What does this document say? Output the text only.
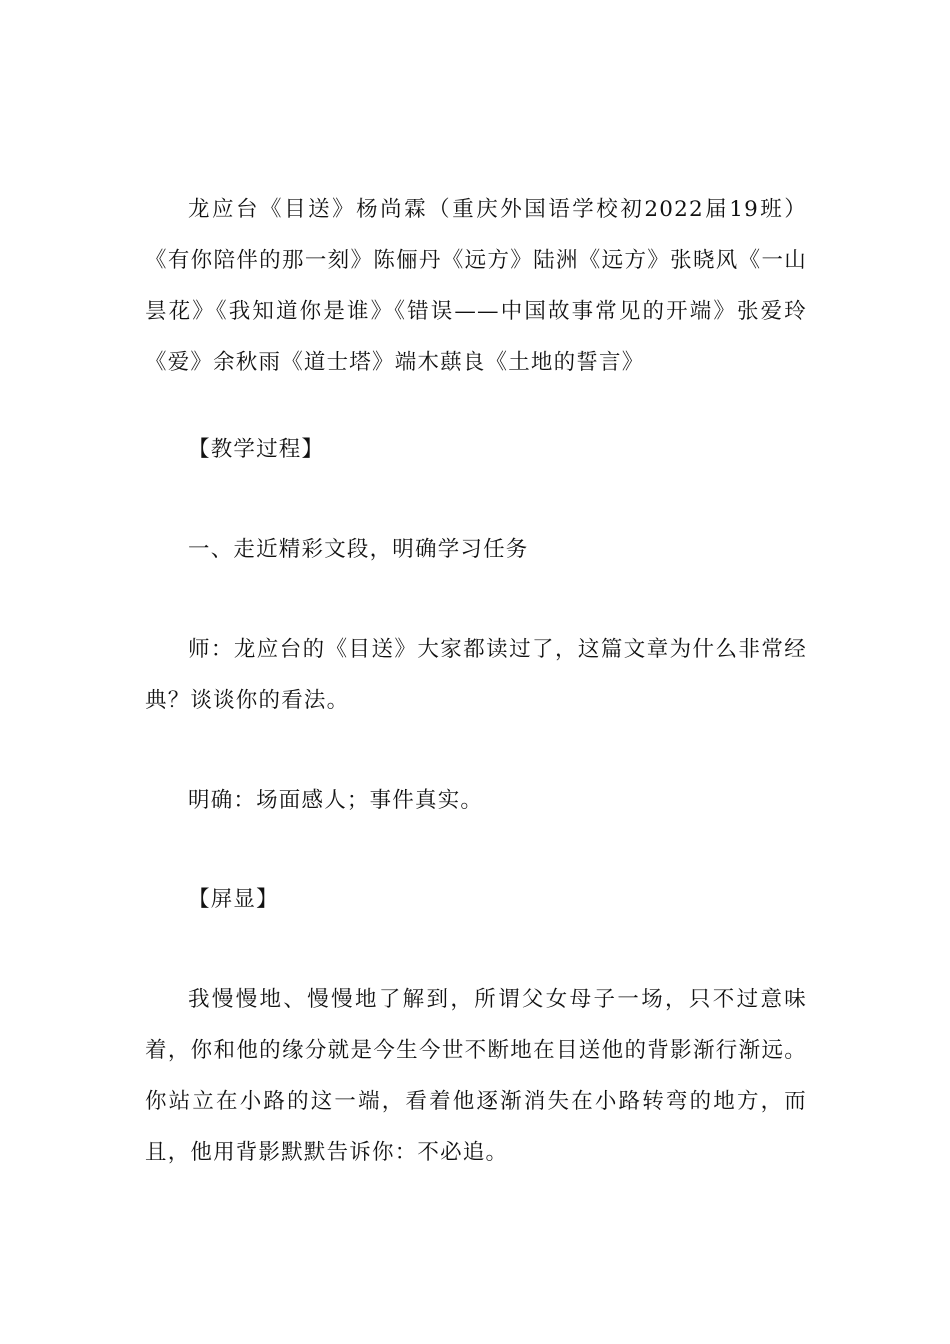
龙应台《目送》杨尚霖（重庆外国语学校初2022届19班）《有你陪伴的那一刻》陈俪丹《远方》陆洲《远方》张晓风《一山昙花》《我知道你是谁》《错误——中国故事常见的开端》张爱玲《爱》余秋雨《道士塔》端木蕻良《土地的誓言》

【教学过程】

一、走近精彩文段，明确学习任务

师：龙应台的《目送》大家都读过了，这篇文章为什么非常经典？谈谈你的看法。

明确：场面感人；事件真实。

【屏显】

我慢慢地、慢慢地了解到，所谓父女母子一场，只不过意味着，你和他的缘分就是今生今世不断地在目送他的背影渐行渐远。你站立在小路的这一端，看着他逐渐消失在小路转弯的地方，而且，他用背影默默告诉你：不必追。
